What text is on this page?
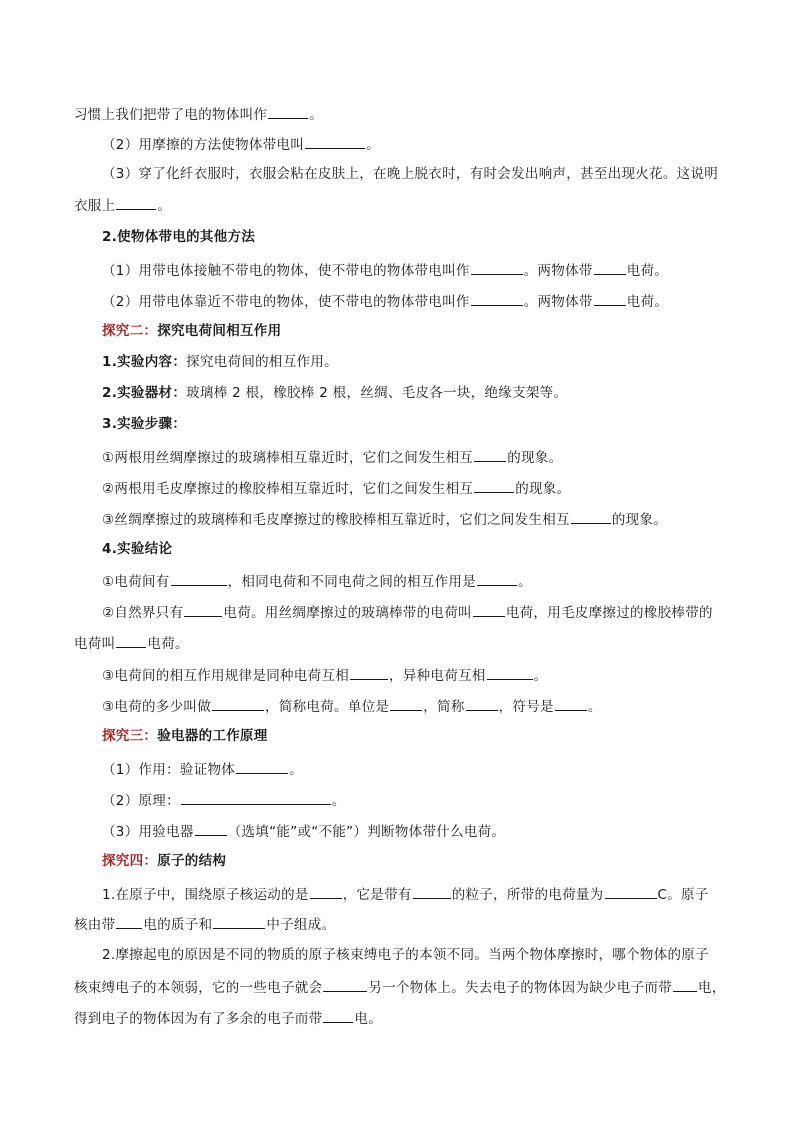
习惯上我们把带了电的物体叫作	。
（2）用摩擦的方法使物体带电叫	。
（3）穿了化纤衣服时，衣服会粘在皮肤上，在晚上脱衣时，有时会发出响声，甚至出现火花。这说明
衣服上	。
2.使物体带电的其他方法
（1）用带电体接触不带电的物体，使不带电的物体带电叫作	。两物体带	电荷。
（2）用带电体靠近不带电的物体，使不带电的物体带电叫作	。两物体带	电荷。
探究二：探究电荷间相互作用
1.实验内容：探究电荷间的相互作用。
2.实验器材：玻璃棒 2 根，橡胶棒 2 根，丝绸、毛皮各一块，绝缘支架等。
3.实验步骤：
①两根用丝绸摩擦过的玻璃棒相互靠近时，它们之间发生相互	的现象。
②两根用毛皮摩擦过的橡胶棒相互靠近时，它们之间发生相互	的现象。
③丝绸摩擦过的玻璃棒和毛皮摩擦过的橡胶棒相互靠近时，它们之间发生相互	的现象。
4.实验结论
①电荷间有	，相同电荷和不同电荷之间的相互作用是	。
②自然界只有	电荷。用丝绸摩擦过的玻璃棒带的电荷叫	电荷，用毛皮摩擦过的橡胶棒带的
电荷叫 电荷。
③电荷间的相互作用规律是同种电荷互相	，异种电荷互相	。
③电荷的多少叫做	，简称电荷。单位是	，简称	，符号是	。
探究三：验电器的工作原理
（1）作用：验证物体	。
（2）原理：	。
（3）用验电器	（选填“能”或“不能”）判断物体带什么电荷。
探究四：原子的结构
1.在原子中，围绕原子核运动的是	，它是带有	的粒子，所带的电荷量为	C。原子
核由带 电的质子和	中子组成。
2.摩擦起电的原因是不同的物质的原子核束缚电子的本领不同。当两个物体摩擦时，哪个物体的原子
核束缚电子的本领弱，它的一些电子就会	另一个物体上。失去电子的物体因为缺少电子而带 电，
得到电子的物体因为有了多余的电子而带 电。
